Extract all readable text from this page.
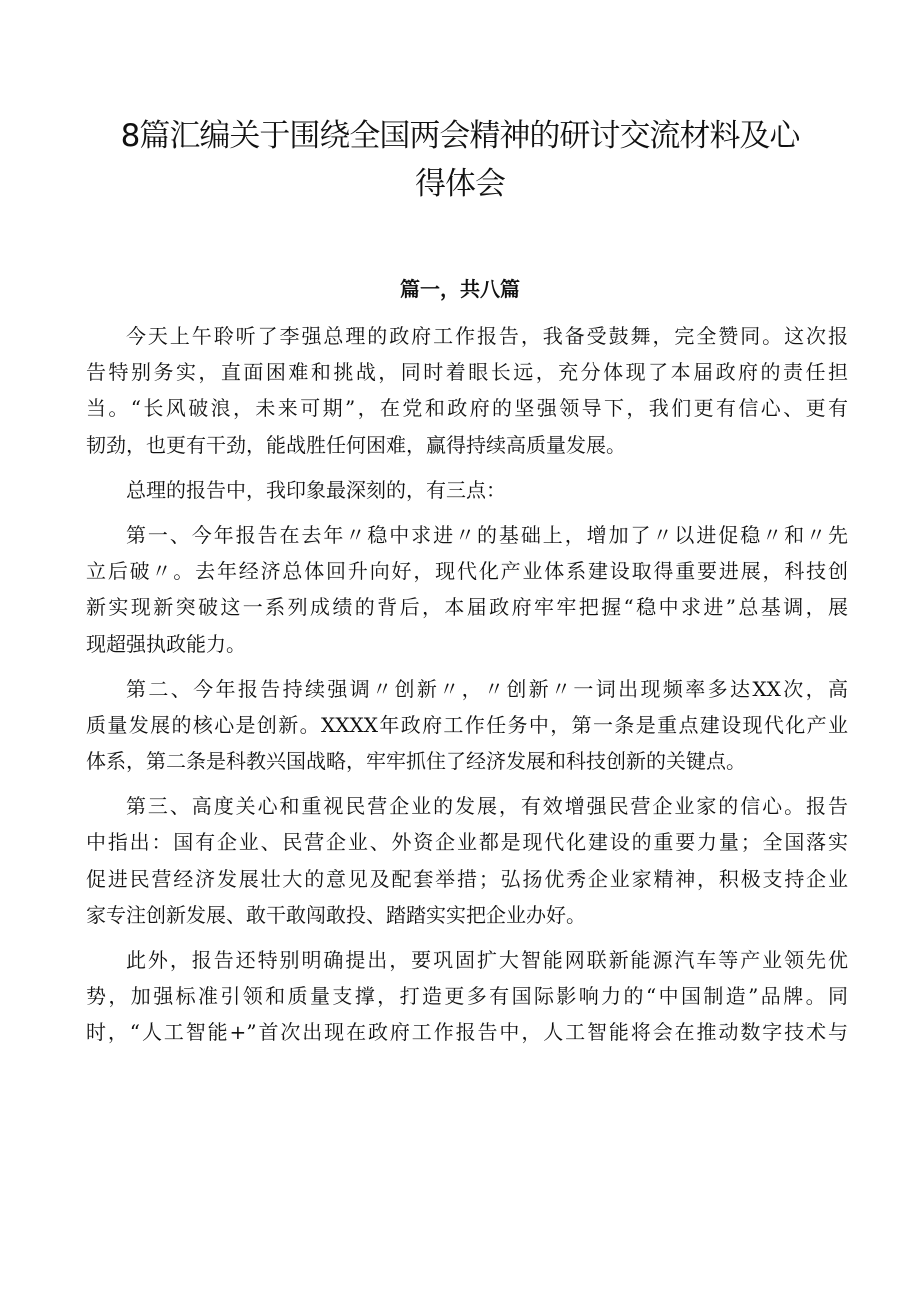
8篇汇编关于围绕全国两会精神的研讨交流材料及心
得体会
篇一，共八篇
今天上午聆听了李强总理的政府工作报告，我备受鼓舞，完全赞同。这次报
告特别务实，直面困难和挑战，同时着眼长远，充分体现了本届政府的责任担
当。“长风破浪，未来可期”，在党和政府的坚强领导下，我们更有信心、更有
韧劲，也更有干劲，能战胜任何困难，赢得持续高质量发展。
总理的报告中，我印象最深刻的，有三点：
第一、今年报告在去年〃稳中求进〃的基础上，增加了〃以进促稳〃和〃先
立后破〃。去年经济总体回升向好，现代化产业体系建设取得重要进展，科技创
新实现新突破这一系列成绩的背后，本届政府牢牢把握“稳中求进”总基调，展
现超强执政能力。
第二、今年报告持续强调〃创新〃，〃创新〃一词出现频率多达XX次，高
质量发展的核心是创新。XXXX年政府工作任务中，第一条是重点建设现代化产业
体系，第二条是科教兴国战略，牢牢抓住了经济发展和科技创新的关键点。
第三、高度关心和重视民营企业的发展，有效增强民营企业家的信心。报告
中指出：国有企业、民营企业、外资企业都是现代化建设的重要力量；全国落实
促进民营经济发展壮大的意见及配套举措；弘扬优秀企业家精神，积极支持企业
家专注创新发展、敢干敢闯敢投、踏踏实实把企业办好。
此外，报告还特别明确提出，要巩固扩大智能网联新能源汽车等产业领先优
势，加强标准引领和质量支撑，打造更多有国际影响力的“中国制造”品牌。同
时，“人工智能+”首次出现在政府工作报告中，人工智能将会在推动数字技术与
